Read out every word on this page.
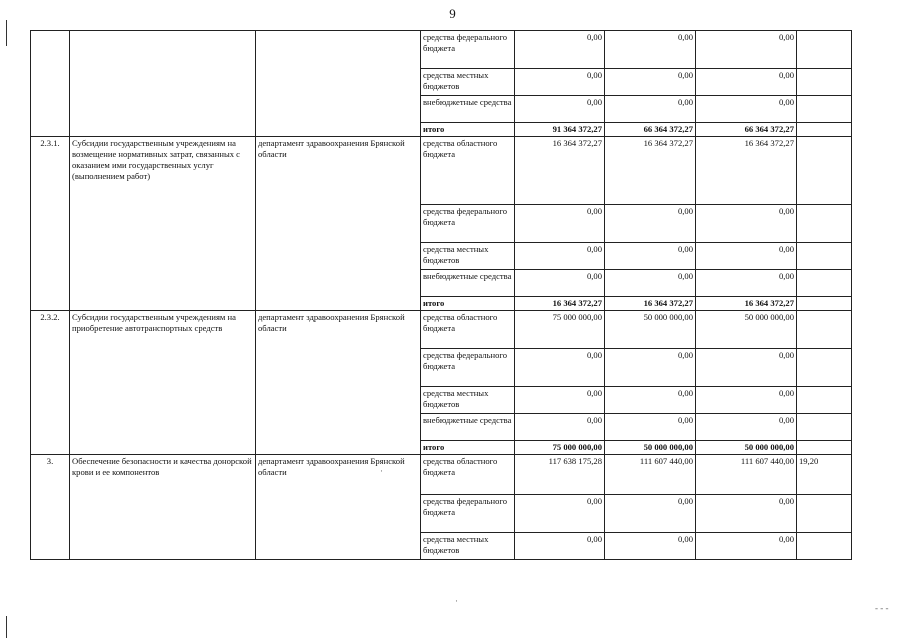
9
			средства федерального бюджета	0,00	0,00	0,00	
			средства местных бюджетов	0,00	0,00	0,00	
			внебюджетные средства	0,00	0,00	0,00	
			итого	91 364 372,27	66 364 372,27	66 364 372,27	
2.3.1.	Субсидии государственным учреждениям на возмещение нормативных затрат, связанных с оказанием ими государственных услуг (выполнением работ)	департамент здравоохранения Брянской области	средства областного бюджета	16 364 372,27	16 364 372,27	16 364 372,27	
			средства федерального бюджета	0,00	0,00	0,00	
			средства местных бюджетов	0,00	0,00	0,00	
			внебюджетные средства	0,00	0,00	0,00	
			итого	16 364 372,27	16 364 372,27	16 364 372,27	
2.3.2.	Субсидии государственным учреждениям на приобретение автотранспортных средств	департамент здравоохранения Брянской области	средства областного бюджета	75 000 000,00	50 000 000,00	50 000 000,00	
			средства федерального бюджета	0,00	0,00	0,00	
			средства местных бюджетов	0,00	0,00	0,00	
			внебюджетные средства	0,00	0,00	0,00	
			итого	75 000 000,00	50 000 000,00	50 000 000,00	
3.	Обеспечение безопасности и качества донорской крови и ее компонентов	департамент здравоохранения Брянской области	средства областного бюджета	117 638 175,28	111 607 440,00	111 607 440,00	19,20
			средства федерального бюджета	0,00	0,00	0,00	
			средства местных бюджетов	0,00	0,00	0,00	
·
·
- - -
